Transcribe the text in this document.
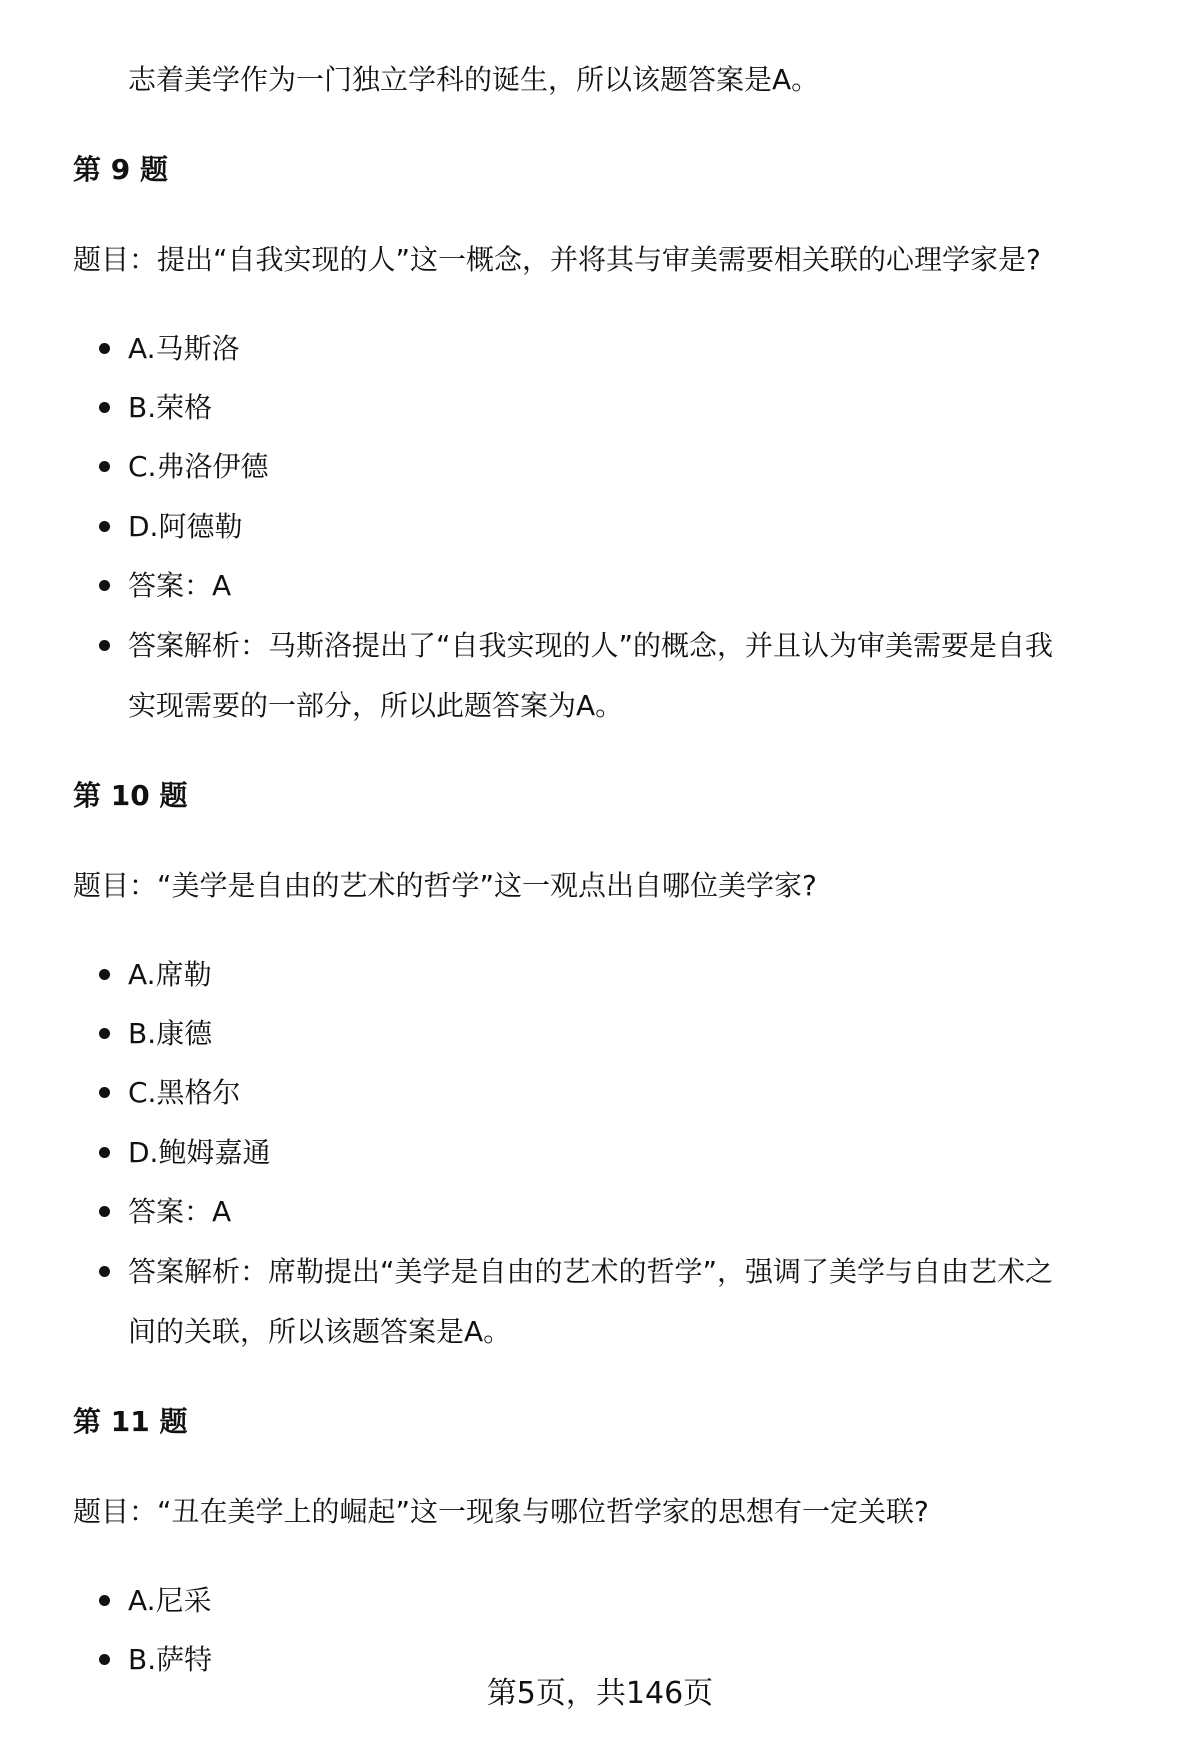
志着美学作为一门独立学科的诞生，所以该题答案是A。
第 9 题
题目：提出“自我实现的人”这一概念，并将其与审美需要相关联的心理学家是?
A.马斯洛
B.荣格
C.弗洛伊德
D.阿德勒
答案：A
答案解析：马斯洛提出了“自我实现的人”的概念，并且认为审美需要是自我
实现需要的一部分，所以此题答案为A。
第 10 题
题目：“美学是自由的艺术的哲学”这一观点出自哪位美学家?
A.席勒
B.康德
C.黑格尔
D.鲍姆嘉通
答案：A
答案解析：席勒提出“美学是自由的艺术的哲学”，强调了美学与自由艺术之
间的关联，所以该题答案是A。
第 11 题
题目：“丑在美学上的崛起”这一现象与哪位哲学家的思想有一定关联?
A.尼采
B.萨特
第5页，共146页
